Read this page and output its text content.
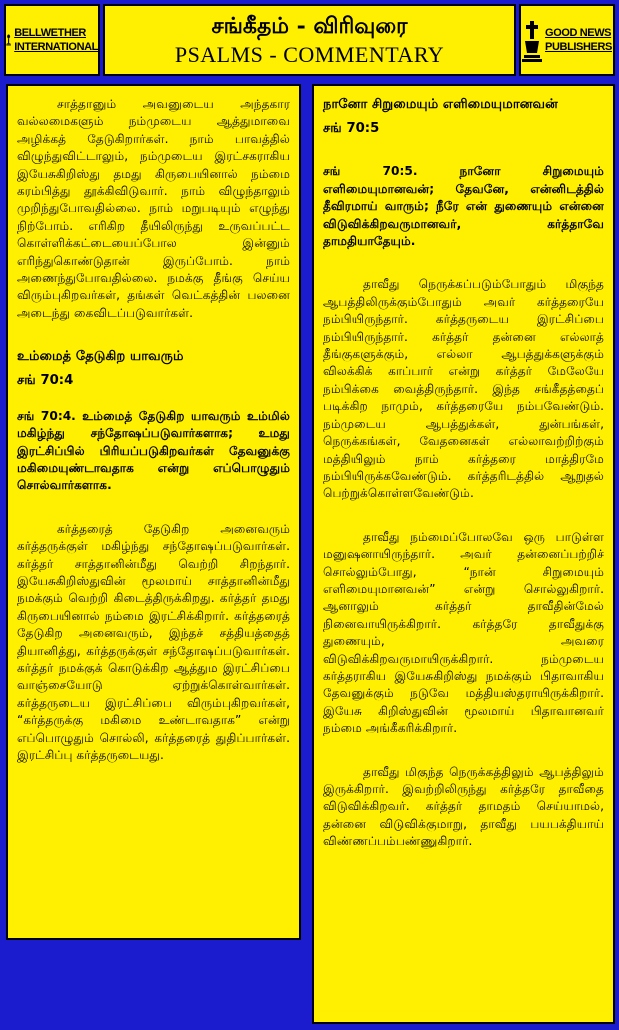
BELLWETHER
INTERNATIONAL
சங்கீதம் - விரிவுரை
PSALMS - COMMENTARY
GOOD NEWS
PUBLISHERS

சாத்தானும் அவனுடைய அந்தகார வல்லமைகளும் நம்முடைய ஆத்துமாவை அழிக்கத் தேடுகிறார்கள். நாம் பாவத்தில் விழுந்துவிட்டாலும், நம்முடைய இரட்சகராகிய இயேசுகிறிஸ்து தமது கிருபையினால் நம்மை கரம்பித்து தூக்கிவிடுவார். நாம் விழுந்தாலும் முறிந்துபோவதில்லை. நாம் மறுபடியும் எழுந்து நிற்போம். எரிகிற தீயிலிருந்து உருவப்பட்ட கொள்ளிக்கட்டையைப்போல இன்னும் எரிந்துகொண்டுதான் இருப்போம். நாம் அணைந்துபோவதில்லை. நமக்கு தீங்கு செய்ய விரும்புகிறவர்கள், தங்கள் வெட்கத்தின் பலனை அடைந்து கைவிடப்படுவார்கள்.

உம்மைத் தேடுகிற யாவரும்

சங் 70:4

சங் 70:4. உம்மைத் தேடுகிற யாவரும் உம்மில் மகிழ்ந்து சந்தோஷப்படுவார்களாக; உமது இரட்சிப்பில் பிரியப்படுகிறவர்கள் தேவனுக்கு மகிமையுண்டாவதாக என்று எப்பொழுதும் சொல்வார்களாக.

கர்த்தரைத் தேடுகிற அனைவரும் கர்த்தருக்குள் மகிழ்ந்து சந்தோஷப்படுவார்கள். கர்த்தர் சாத்தானின்மீது வெற்றி சிறந்தார். இயேசுகிறிஸ்துவின் மூலமாய் சாத்தானின்மீது நமக்கும் வெற்றி கிடைத்திருக்கிறது. கர்த்தர் தமது கிருபையினால் நம்மை இரட்சிக்கிறார். கர்த்தரைத் தேடுகிற அனைவரும், இந்தச் சத்தியத்தைத் தியானித்து, கர்த்தருக்குள் சந்தோஷப்படுவார்கள். கர்த்தர் நமக்குக் கொடுக்கிற ஆத்தும இரட்சிப்பை வாஞ்சையோடு ஏற்றுக்கொள்வார்கள். கர்த்தருடைய இரட்சிப்பை விரும்புகிறவர்கள், “கர்த்தருக்கு மகிமை உண்டாவதாக” என்று எப்பொழுதும் சொல்லி, கர்த்தரைத் துதிப்பார்கள். இரட்சிப்பு கர்த்தருடையது.

நானோ சிறுமையும் எளிமையுமானவன்

சங் 70:5

சங் 70:5. நானோ சிறுமையும் எளிமையுமானவன்; தேவனே, என்னிடத்தில் தீவிரமாய் வாரும்; நீரே என் துணையும் என்னை விடுவிக்கிறவருமானவர், கர்த்தாவே தாமதியாதேயும்.

தாவீது நெருக்கப்படும்போதும் மிகுந்த ஆபத்திலிருக்கும்போதும் அவர் கர்த்தரையே நம்பியிருந்தார். கர்த்தருடைய இரட்சிப்பை நம்பியிருந்தார். கர்த்தர் தன்னை எல்லாத் தீங்குகளுக்கும், எல்லா ஆபத்துக்களுக்கும் விலக்கிக் காப்பார் என்று கர்த்தர் மேலேயே நம்பிக்கை வைத்திருந்தார். இந்த சங்கீதத்தைப் படிக்கிற நாமும், கர்த்தரையே நம்பவேண்டும். நம்முடைய ஆபத்துக்கள், துன்பங்கள், நெருக்கங்கள், வேதனைகள் எல்லாவற்றிற்கும் மத்தியிலும் நாம் கர்த்தரை மாத்திரமே நம்பியிருக்கவேண்டும். கர்த்தரிடத்தில் ஆறுதல் பெற்றுக்கொள்ளவேண்டும்.

தாவீது நம்மைப்போலவே ஒரு பாடுள்ள மனுஷனாயிருந்தார். அவர் தன்னைப்பற்றிச் சொல்லும்போது, “நான் சிறுமையும் எளிமையுமானவன்” என்று சொல்லுகிறார். ஆனாலும் கர்த்தர் தாவீதின்மேல் நினைவாயிருக்கிறார். கர்த்தரே தாவீதுக்கு துணையும், அவரை விடுவிக்கிறவருமாயிருக்கிறார். நம்முடைய கர்த்தராகிய இயேசுகிறிஸ்து நமக்கும் பிதாவாகிய தேவனுக்கும் நடுவே மத்தியஸ்தராயிருக்கிறார். இயேசு கிறிஸ்துவின் மூலமாய் பிதாவானவர் நம்மை அங்கீகரிக்கிறார்.

தாவீது மிகுந்த நெருக்கத்திலும் ஆபத்திலும் இருக்கிறார். இவற்றிலிருந்து கர்த்தரே தாவீதை விடுவிக்கிறவர். கர்த்தர் தாமதம் செய்யாமல், தன்னை விடுவிக்குமாறு, தாவீது பயபக்தியாய் விண்ணப்பம்பண்ணுகிறார்.
